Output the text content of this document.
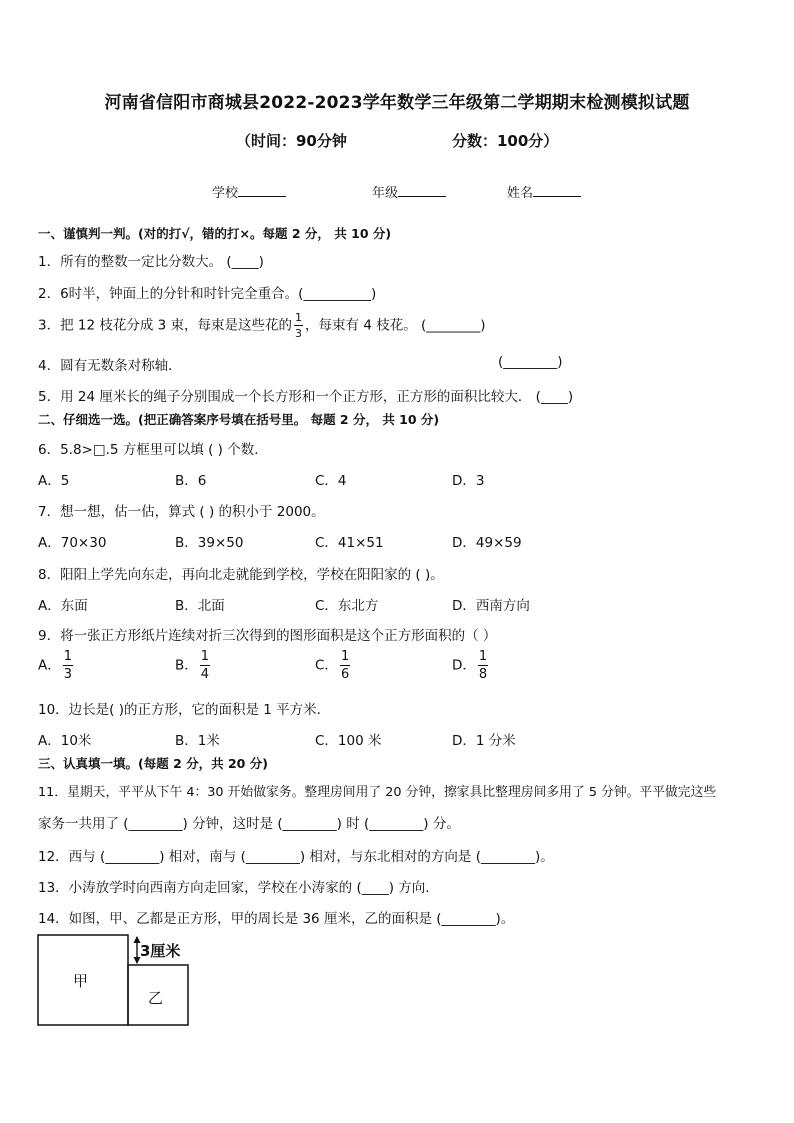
河南省信阳市商城县2022-2023学年数学三年级第二学期期末检测模拟试题
（时间：90分钟	分数：100分）
学校	年级	姓名
一、谨慎判一判。(对的打√，错的打×。每题 2 分， 共 10 分)
1．所有的整数一定比分数大。 (____)
2．6时半，钟面上的分针和时针完全重合。(__________)
3．把 12 枝花分成 3 束，每束是这些花的 $\frac{1}{3}$ ，每束有 4 枝花。 (________)
4．圆有无数条对称轴．	(________)
5．用 24 厘米长的绳子分别围成一个长方形和一个正方形，正方形的面积比较大． (____)
二、仔细选一选。(把正确答案序号填在括号里。 每题 2 分， 共 10 分)
6．5.8>□.5 方框里可以填 ( ) 个数．
A．5	B．6	C．4	D．3
7．想一想，估一估，算式 ( ) 的积小于 2000。
A．70×30	B．39×50	C．41×51	D．49×59
8．阳阳上学先向东走，再向北走就能到学校，学校在阳阳家的 ( )。
A．东面	B．北面	C．东北方	D．西南方向
9．将一张正方形纸片连续对折三次得到的图形面积是这个正方形面积的（ ）
A． $\frac{1}{3}$	B． $\frac{1}{4}$	C． $\frac{1}{6}$	D． $\frac{1}{8}$
10．边长是( )的正方形，它的面积是 1 平方米．
A．10米	B．1米	C．100 米	D．1 分米
三、认真填一填。(每题 2 分，共 20 分)
11．星期天，平平从下午 4：30 开始做家务。整理房间用了 20 分钟，擦家具比整理房间多用了 5 分钟。平平做完这些
家务一共用了 (________) 分钟，这时是 (________) 时 (________) 分。
12．西与 (________) 相对，南与 (________) 相对，与东北相对的方向是 (________)。
13．小涛放学时向西南方向走回家，学校在小涛家的 (____) 方向.
14．如图，甲、乙都是正方形，甲的周长是 36 厘米，乙的面积是 (________)。
3厘米
甲
乙
